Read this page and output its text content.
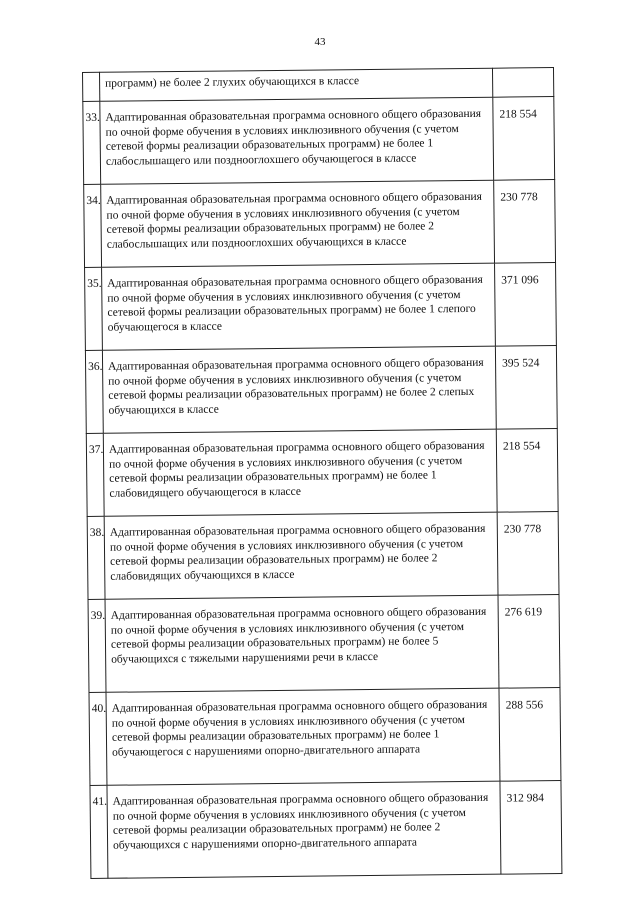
43
	программ) не более 2 глухих обучающихся в классе	
33.	Адаптированная образовательная программа основного общего образования по очной форме обучения в условиях инклюзивного обучения (с учетом сетевой формы реализации образовательных программ) не более 1 слабослышащего или позднооглохшего обучающегося в классе	218 554
34.	Адаптированная образовательная программа основного общего образования по очной форме обучения в условиях инклюзивного обучения (с учетом сетевой формы реализации образовательных программ) не более 2 слабослышащих или позднооглохших обучающихся в классе	230 778
35.	Адаптированная образовательная программа основного общего образования по очной форме обучения в условиях инклюзивного обучения (с учетом сетевой формы реализации образовательных программ) не более 1 слепого обучающегося в классе	371 096
36.	Адаптированная образовательная программа основного общего образования по очной форме обучения в условиях инклюзивного обучения (с учетом сетевой формы реализации образовательных программ) не более 2 слепых обучающихся в классе	395 524
37.	Адаптированная образовательная программа основного общего образования по очной форме обучения в условиях инклюзивного обучения (с учетом сетевой формы реализации образовательных программ) не более 1 слабовидящего обучающегося в классе	218 554
38.	Адаптированная образовательная программа основного общего образования по очной форме обучения в условиях инклюзивного обучения (с учетом сетевой формы реализации образовательных программ) не более 2 слабовидящих обучающихся в классе	230 778
39.	Адаптированная образовательная программа основного общего образования по очной форме обучения в условиях инклюзивного обучения (с учетом сетевой формы реализации образовательных программ) не более 5 обучающихся с тяжелыми нарушениями речи в классе	276 619
40.	Адаптированная образовательная программа основного общего образования по очной форме обучения в условиях инклюзивного обучения (с учетом сетевой формы реализации образовательных программ) не более 1 обучающегося с нарушениями опорно-двигательного аппарата	288 556
41.	Адаптированная образовательная программа основного общего образования по очной форме обучения в условиях инклюзивного обучения (с учетом сетевой формы реализации образовательных программ) не более 2 обучающихся с нарушениями опорно-двигательного аппарата	312 984
